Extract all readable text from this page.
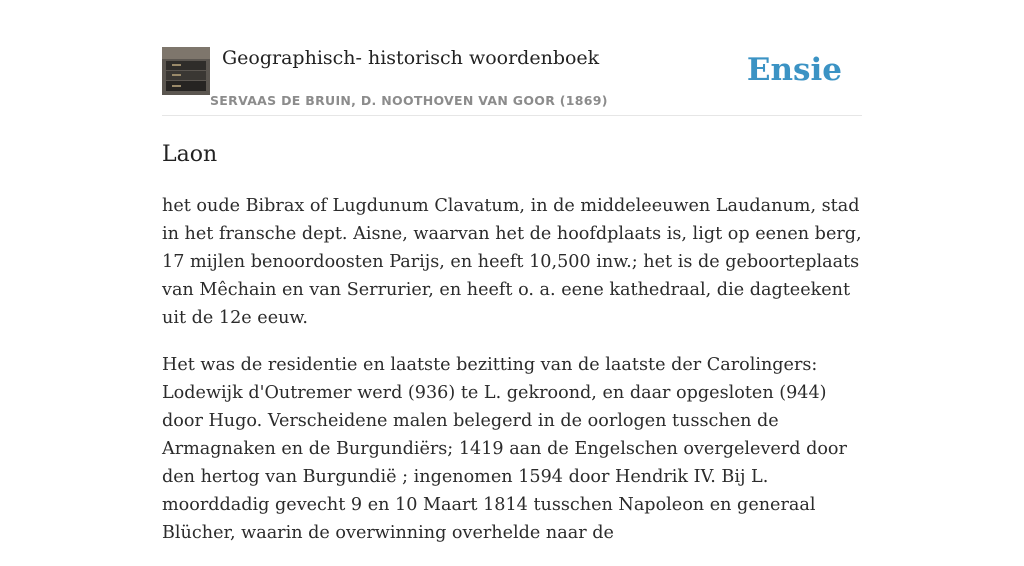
Geographisch- historisch woordenboek
SERVAAS DE BRUIN, D. NOOTHOVEN VAN GOOR (1869)
Ensie
Laon

het oude Bibrax of Lugdunum Clavatum, in de middeleeuwen Laudanum, stad in het fransche dept. Aisne, waarvan het de hoofdplaats is, ligt op eenen berg, 17 mijlen benoordoosten Parijs, en heeft 10,500 inw.; het is de geboorteplaats van Mêchain en van Serrurier, en heeft o. a. eene kathedraal, die dagteekent uit de 12e eeuw.

Het was de residentie en laatste bezitting van de laatste der Carolingers: Lodewijk d'Outremer werd (936) te L. gekroond, en daar opgesloten (944) door Hugo. Verscheidene malen belegerd in de oorlogen tusschen de Armagnaken en de Burgundiërs; 1419 aan de Engelschen overgeleverd door den hertog van Burgundië ; ingenomen 1594 door Hendrik IV. Bij L. moorddadig gevecht 9 en 10 Maart 1814 tusschen Napoleon en generaal Blücher, waarin de overwinning overhelde naar de
